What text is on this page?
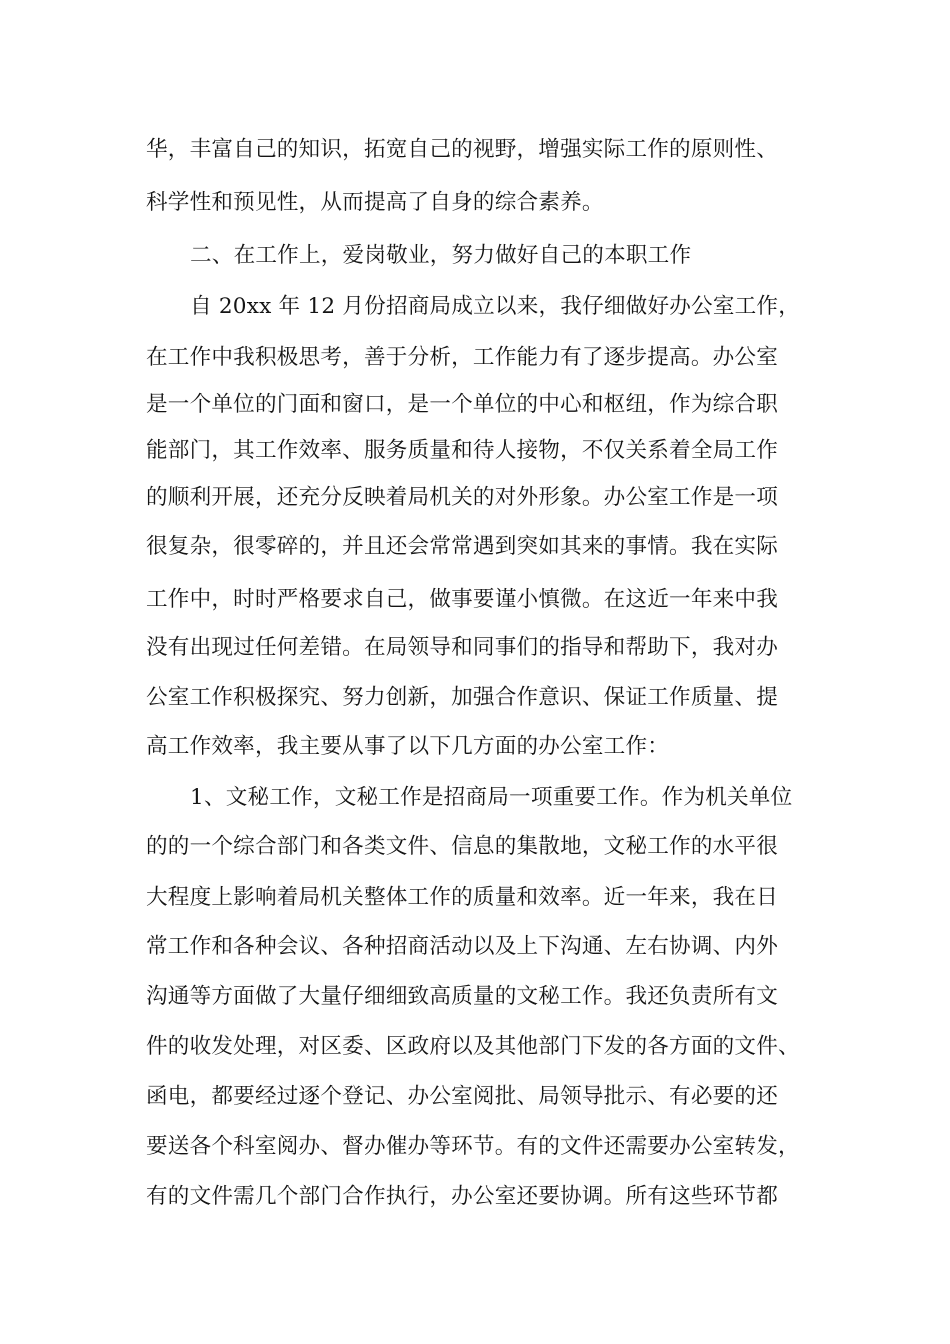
华，丰富自己的知识，拓宽自己的视野，增强实际工作的原则性、
科学性和预见性，从而提高了自身的综合素养。
二、在工作上，爱岗敬业，努力做好自己的本职工作
自 20xx 年 12 月份招商局成立以来，我仔细做好办公室工作，
在工作中我积极思考，善于分析，工作能力有了逐步提高。办公室
是一个单位的门面和窗口，是一个单位的中心和枢纽，作为综合职
能部门，其工作效率、服务质量和待人接物，不仅关系着全局工作
的顺利开展，还充分反映着局机关的对外形象。办公室工作是一项
很复杂，很零碎的，并且还会常常遇到突如其来的事情。我在实际
工作中，时时严格要求自己，做事要谨小慎微。在这近一年来中我
没有出现过任何差错。在局领导和同事们的指导和帮助下，我对办
公室工作积极探究、努力创新，加强合作意识、保证工作质量、提
高工作效率，我主要从事了以下几方面的办公室工作：
1、文秘工作，文秘工作是招商局一项重要工作。作为机关单位
的的一个综合部门和各类文件、信息的集散地，文秘工作的水平很
大程度上影响着局机关整体工作的质量和效率。近一年来，我在日
常工作和各种会议、各种招商活动以及上下沟通、左右协调、内外
沟通等方面做了大量仔细细致高质量的文秘工作。我还负责所有文
件的收发处理，对区委、区政府以及其他部门下发的各方面的文件、
函电，都要经过逐个登记、办公室阅批、局领导批示、有必要的还
要送各个科室阅办、督办催办等环节。有的文件还需要办公室转发，
有的文件需几个部门合作执行，办公室还要协调。所有这些环节都
